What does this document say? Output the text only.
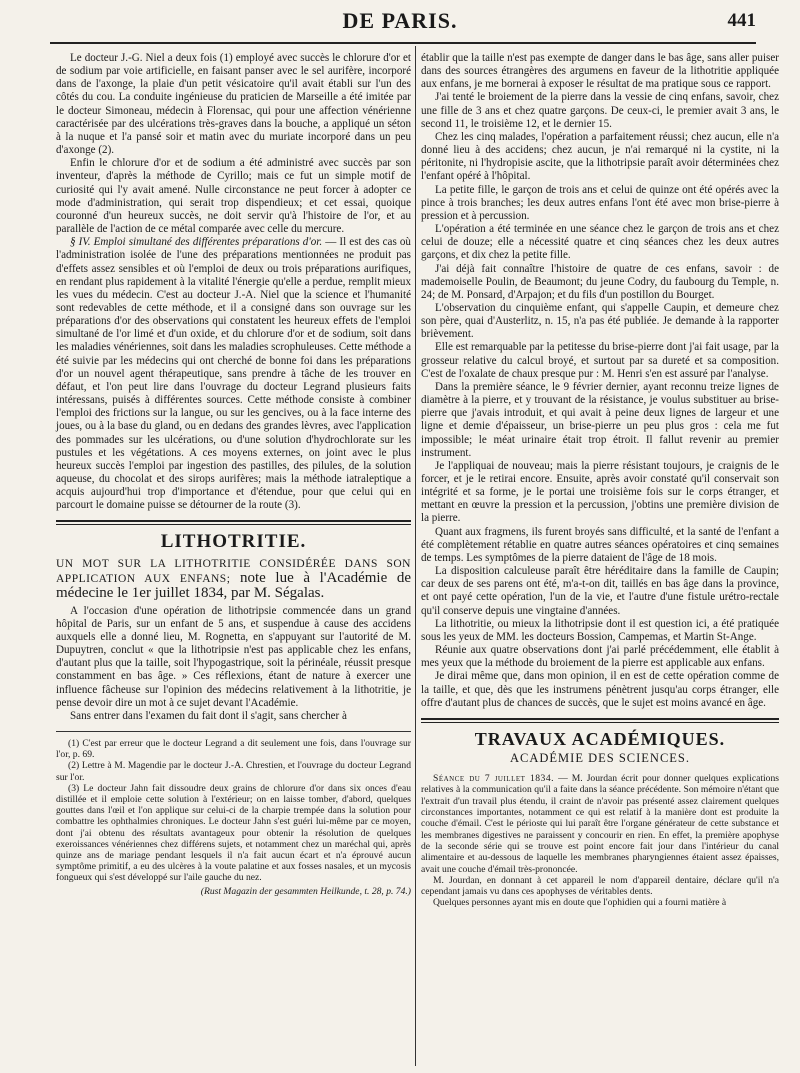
DE PARIS.	441

Le docteur J.-G. Niel a deux fois (1) employé avec succès le chlorure d'or et de sodium par voie artificielle, en faisant panser avec le sel aurifère, incorporé dans de l'axonge, la plaie d'un petit vésicatoire qu'il avait établi sur l'un des côtés du cou. La conduite ingénieuse du praticien de Marseille a été imitée par le docteur Simoneau, médecin à Florensac, qui pour une affection vénérienne caractérisée par des ulcérations très-graves dans la bouche, a appliqué un séton à la nuque et l'a pansé soir et matin avec du muriate incorporé dans un peu d'axonge (2).

Enfin le chlorure d'or et de sodium a été administré avec succès par son inventeur, d'après la méthode de Cyrillo; mais ce fut un simple motif de curiosité qui l'y avait amené. Nulle circonstance ne peut forcer à adopter ce mode d'administration, qui serait trop dispendieux; et cet essai, quoique couronné d'un heureux succès, ne doit servir qu'à l'histoire de l'or, et au parallèle de l'action de ce métal comparée avec celle du mercure.

§ IV. Emploi simultané des différentes préparations d'or. — Il est des cas où l'administration isolée de l'une des préparations mentionnées ne produit pas d'effets assez sensibles et où l'emploi de deux ou trois préparations aurifiques, en rendant plus rapidement à la vitalité l'énergie qu'elle a perdue, remplit mieux les vues du médecin. C'est au docteur J.-A. Niel que la science et l'humanité sont redevables de cette méthode, et il a consigné dans son ouvrage sur les préparations d'or des observations qui constatent les heureux effets de l'emploi simultané de l'or limé et d'un oxide, et du chlorure d'or et de sodium, soit dans les maladies vénériennes, soit dans les maladies scrophuleuses. Cette méthode a été suivie par les médecins qui ont cherché de bonne foi dans les préparations d'or un nouvel agent thérapeutique, sans prendre à tâche de les trouver en défaut, et l'on peut lire dans l'ouvrage du docteur Legrand plusieurs faits intéressans, puisés à différentes sources. Cette méthode consiste à combiner l'emploi des frictions sur la langue, ou sur les gencives, ou à la face interne des joues, ou à la base du gland, ou en dedans des grandes lèvres, avec l'application des pommades sur les ulcérations, ou d'une solution d'hydrochlorate sur les pustules et les végétations. A ces moyens externes, on joint avec le plus heureux succès l'emploi par ingestion des pastilles, des pilules, de la solution aqueuse, du chocolat et des sirops aurifères; mais la méthode iatraleptique a acquis aujourd'hui trop d'importance et d'étendue, pour que celui qui en parcourt le domaine puisse se détourner de la route (3).

LITHOTRITIE.

UN MOT SUR LA LITHOTRITIE CONSIDÉRÉE DANS SON APPLICATION AUX ENFANS; note lue à l'Académie de médecine le 1er juillet 1834, par M. Ségalas.

A l'occasion d'une opération de lithotripsie commencée dans un grand hôpital de Paris, sur un enfant de 5 ans, et suspendue à cause des accidens auxquels elle a donné lieu, M. Rognetta, en s'appuyant sur l'autorité de M. Dupuytren, conclut « que la lithotripsie n'est pas applicable chez les enfans, d'autant plus que la taille, soit l'hypogastrique, soit la périnéale, réussit presque constamment en bas âge. » Ces réflexions, étant de nature à exercer une influence fâcheuse sur l'opinion des médecins relativement à la lithotritie, je pense devoir dire un mot à ce sujet devant l'Académie.

Sans entrer dans l'examen du fait dont il s'agit, sans chercher à

(1) C'est par erreur que le docteur Legrand a dit seulement une fois, dans l'ouvrage sur l'or, p. 69.

(2) Lettre à M. Magendie par le docteur J.-A. Chrestien, et l'ouvrage du docteur Legrand sur l'or.

(3) Le docteur Jahn fait dissoudre deux grains de chlorure d'or dans six onces d'eau distillée et il emploie cette solution à l'extérieur; on en laisse tomber, d'abord, quelques gouttes dans l'œil et l'on applique sur celui-ci de la charpie trempée dans la solution pour combattre les ophthalmies chroniques. Le docteur Jahn s'est guéri lui-même par ce moyen, dont j'ai obtenu des résultats avantageux pour obtenir la résolution de quelques exeroissances vénériennes chez différens sujets, et notamment chez un maréchal qui, après quinze ans de mariage pendant lesquels il n'a fait aucun écart et n'a éprouvé aucun symptôme primitif, a eu des ulcères à la voute palatine et aux fosses nasales, et un mycosis fongueux qui s'est développé sur l'aile gauche du nez.

(Rust Magazin der gesammten Heilkunde, t. 28, p. 74.)

établir que la taille n'est pas exempte de danger dans le bas âge, sans aller puiser dans des sources étrangères des argumens en faveur de la lithotritie appliquée aux enfans, je me bornerai à exposer le résultat de ma pratique sous ce rapport.

J'ai tenté le broiement de la pierre dans la vessie de cinq enfans, savoir, chez une fille de 3 ans et chez quatre garçons. De ceux-ci, le premier avait 3 ans, le second 11, le troisième 12, et le dernier 15.

Chez les cinq malades, l'opération a parfaitement réussi; chez aucun, elle n'a donné lieu à des accidens; chez aucun, je n'ai remarqué ni la cystite, ni la péritonite, ni l'hydropisie ascite, que la lithotripsie paraît avoir déterminées chez l'enfant opéré à l'hôpital.

La petite fille, le garçon de trois ans et celui de quinze ont été opérés avec la pince à trois branches; les deux autres enfans l'ont été avec mon brise-pierre à pression et à percussion.

L'opération a été terminée en une séance chez le garçon de trois ans et chez celui de douze; elle a nécessité quatre et cinq séances chez les deux autres garçons, et dix chez la petite fille.

J'ai déjà fait connaître l'histoire de quatre de ces enfans, savoir : de mademoiselle Poulin, de Beaumont; du jeune Codry, du faubourg du Temple, n. 24; de M. Ponsard, d'Arpajon; et du fils d'un postillon du Bourget.

L'observation du cinquième enfant, qui s'appelle Caupin, et demeure chez son père, quai d'Austerlitz, n. 15, n'a pas été publiée. Je demande à la rapporter brièvement.

Elle est remarquable par la petitesse du brise-pierre dont j'ai fait usage, par la grosseur relative du calcul broyé, et surtout par sa dureté et sa composition. C'est de l'oxalate de chaux presque pur : M. Henri s'en est assuré par l'analyse.

Dans la première séance, le 9 février dernier, ayant reconnu treize lignes de diamètre à la pierre, et y trouvant de la résistance, je voulus substituer au brise-pierre que j'avais introduit, et qui avait à peine deux lignes de largeur et une ligne et demie d'épaisseur, un brise-pierre un peu plus gros : cela me fut impossible; le méat urinaire était trop étroit. Il fallut revenir au premier instrument.

Je l'appliquai de nouveau; mais la pierre résistant toujours, je craignis de le forcer, et je le retirai encore. Ensuite, après avoir constaté qu'il conservait son intégrité et sa forme, je le portai une troisième fois sur le corps étranger, et mettant en œuvre la pression et la percussion, j'obtins une première division de la pierre.

Quant aux fragmens, ils furent broyés sans difficulté, et la santé de l'enfant a été complètement rétablie en quatre autres séances opératoires et cinq semaines de temps. Les symptômes de la pierre dataient de l'âge de 18 mois.

La disposition calculeuse paraît être héréditaire dans la famille de Caupin; car deux de ses parens ont été, m'a-t-on dit, taillés en bas âge dans la province, et ont payé cette opération, l'un de la vie, et l'autre d'une fistule urétro-rectale qu'il conserve depuis une vingtaine d'années.

La lithotritie, ou mieux la lithotripsie dont il est question ici, a été pratiquée sous les yeux de MM. les docteurs Bossion, Campemas, et Martin St-Ange.

Réunie aux quatre observations dont j'ai parlé précédemment, elle établit à mes yeux que la méthode du broiement de la pierre est applicable aux enfans.

Je dirai même que, dans mon opinion, il en est de cette opération comme de la taille, et que, dès que les instrumens pénètrent jusqu'au corps étranger, elle offre d'autant plus de chances de succès, que le sujet est moins avancé en âge.

TRAVAUX ACADÉMIQUES.
ACADÉMIE DES SCIENCES.

Séance du 7 juillet 1834. — M. Jourdan écrit pour donner quelques explications relatives à la communication qu'il a faite dans la séance précédente. Son mémoire n'étant que l'extrait d'un travail plus étendu, il craint de n'avoir pas présenté assez clairement quelques circonstances importantes, notamment ce qui est relatif à la manière dont est produite la couche d'émail. C'est le périoste qui lui paraît être l'organe générateur de cette substance et les membranes digestives ne paraissent y concourir en rien. En effet, la première apophyse de la seconde série qui se trouve est point encore fait jour dans l'intérieur du canal alimentaire et au-dessous de laquelle les membranes pharyngiennes étaient assez épaisses, avait une couche d'émail très-prononcée.

M. Jourdan, en donnant à cet appareil le nom d'appareil dentaire, déclare qu'il n'a cependant jamais vu dans ces apophyses de véritables dents.

Quelques personnes ayant mis en doute que l'ophidien qui a fourni matière à
